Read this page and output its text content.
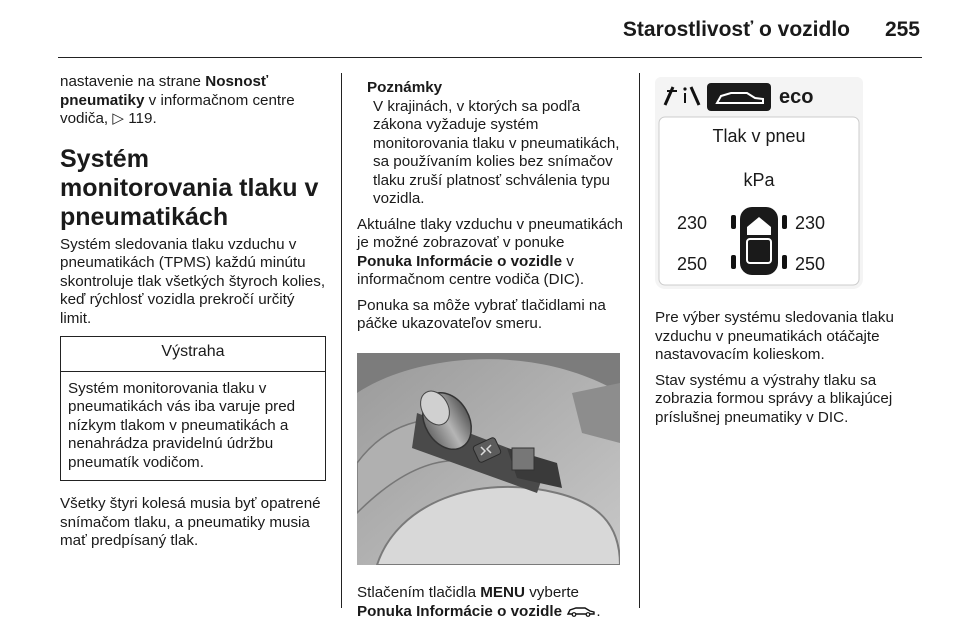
Starostlivosť o vozidlo	255

nastavenie na strane Nosnosť pneumatiky v informačnom centre vodiča, ▷ 119.

Systém monitorovania tlaku v pneumatikách

Systém sledovania tlaku vzduchu v pneumatikách (TPMS) každú minútu skontroluje tlak všetkých štyroch kolies, keď rýchlosť vozidla prekročí určitý limit.

Výstraha
Systém monitorovania tlaku v pneumatikách vás iba varuje pred nízkym tlakom v pneumatikách a nenahrádza pravidelnú údržbu pneumatík vodičom.

Všetky štyri kolesá musia byť opatrené snímačom tlaku, a pneumatiky musia mať predpísaný tlak.

Poznámky
V krajinách, v ktorých sa podľa zákona vyžaduje systém monitorovania tlaku v pneumatikách, sa používaním kolies bez snímačov tlaku zruší platnosť schválenia typu vozidla.

Aktuálne tlaky vzduchu v pneumatikách je možné zobrazovať v ponuke Ponuka Informácie o vozidle v informačnom centre vodiča (DIC).

Ponuka sa môže vybrať tlačidlami na páčke ukazovateľov smeru.

Stlačením tlačidla MENU vyberte Ponuka Informácie o vozidle .

eco
Tlak v pneu
kPa
230	230
250	250

Pre výber systému sledovania tlaku vzduchu v pneumatikách otáčajte nastavovacím kolieskom.

Stav systému a výstrahy tlaku sa zobrazia formou správy a blikajúcej príslušnej pneumatiky v DIC.
